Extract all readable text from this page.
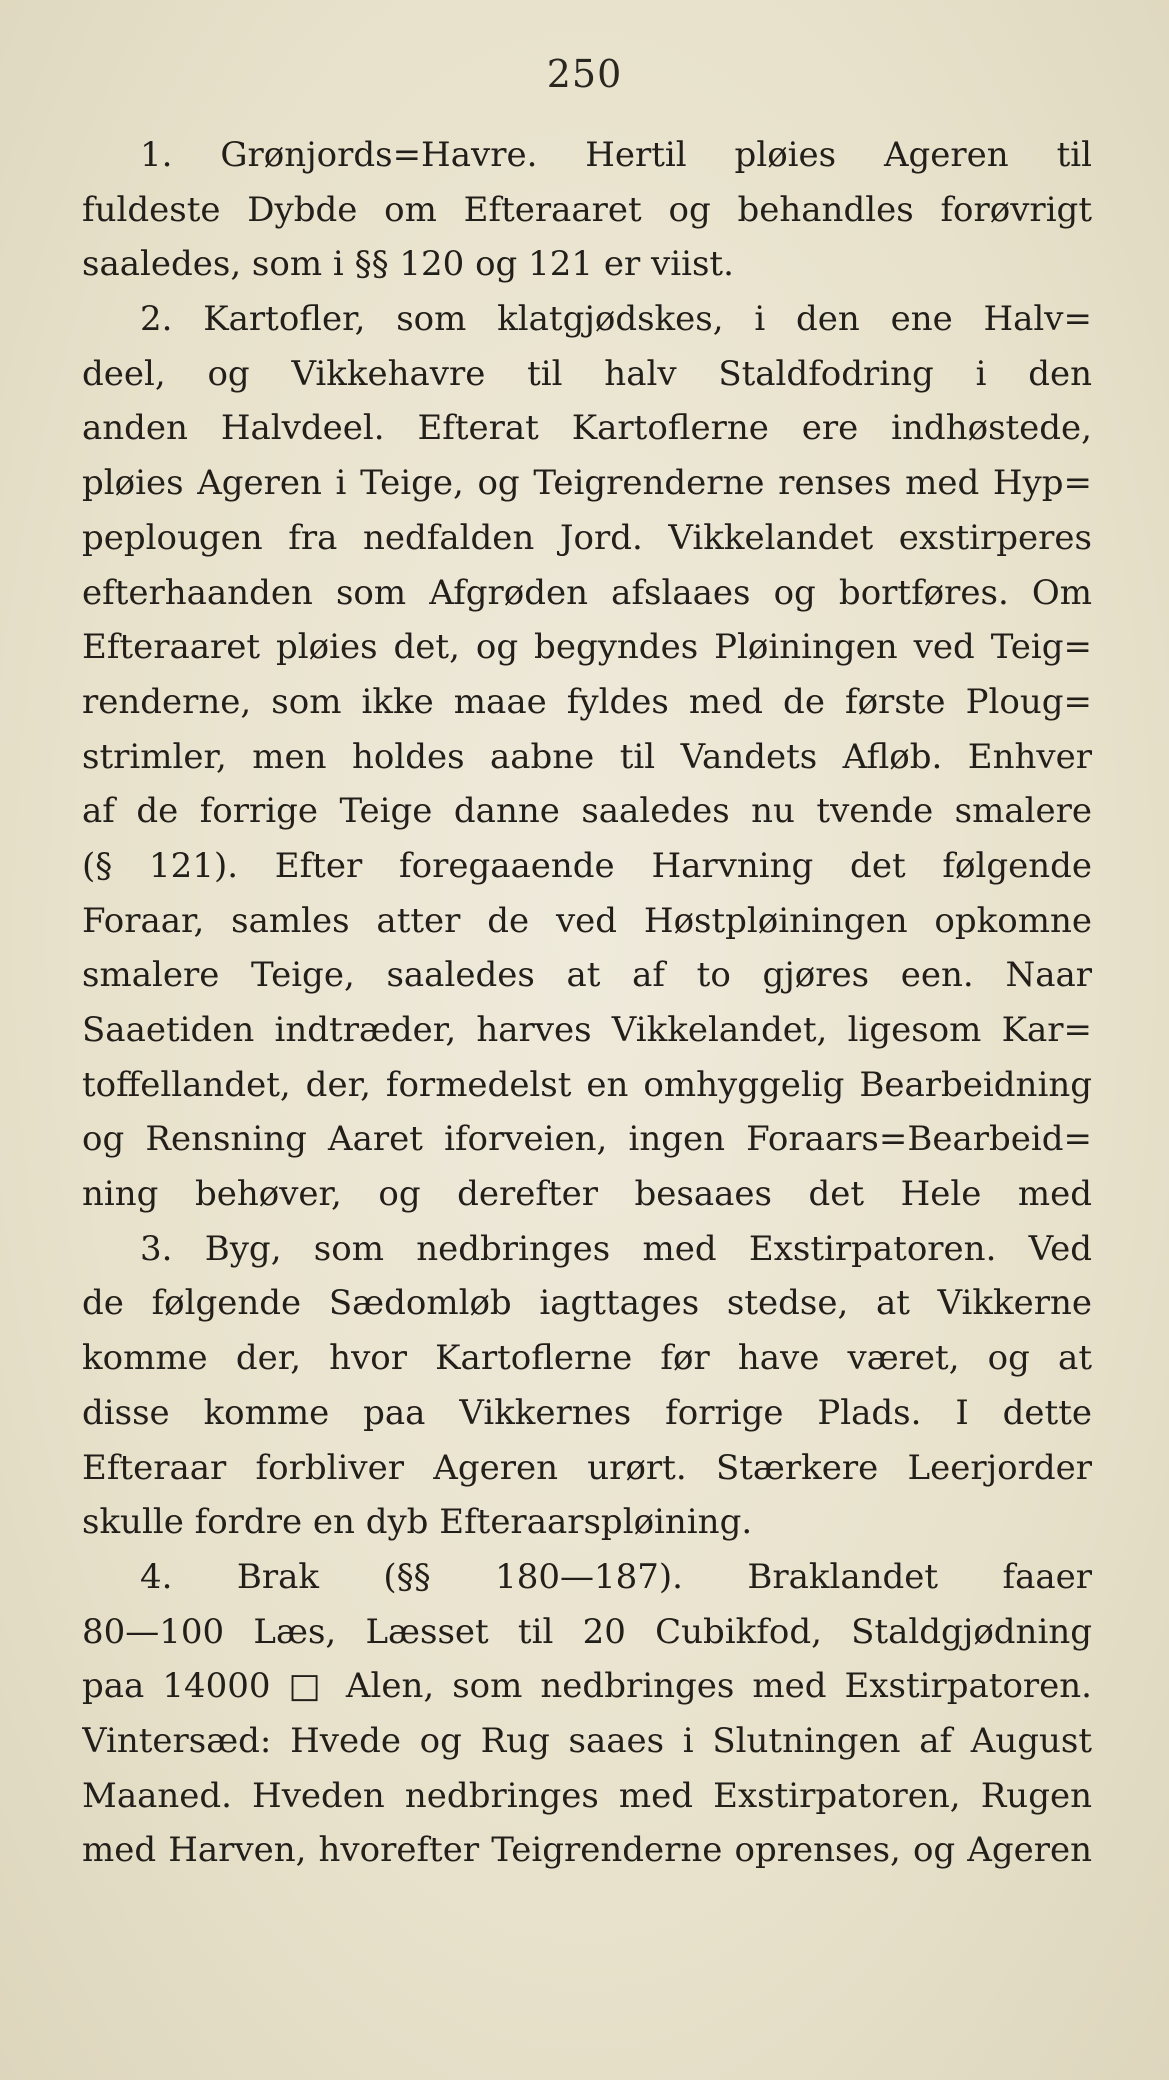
250
1. Grønjords=Havre. Hertil pløies Ageren til
fuldeste Dybde om Efteraaret og behandles forøvrigt
saaledes, som i §§ 120 og 121 er viist.
2. Kartofler, som klatgjødskes, i den ene Halv=
deel, og Vikkehavre til halv Staldfodring i den
anden Halvdeel. Efterat Kartoflerne ere indhøstede,
pløies Ageren i Teige, og Teigrenderne renses med Hyp=
peplougen fra nedfalden Jord. Vikkelandet exstirperes
efterhaanden som Afgrøden afslaaes og bortføres. Om
Efteraaret pløies det, og begyndes Pløiningen ved Teig=
renderne, som ikke maae fyldes med de første Ploug=
strimler, men holdes aabne til Vandets Afløb. Enhver
af de forrige Teige danne saaledes nu tvende smalere
(§ 121). Efter foregaaende Harvning det følgende
Foraar, samles atter de ved Høstpløiningen opkomne
smalere Teige, saaledes at af to gjøres een. Naar
Saaetiden indtræder, harves Vikkelandet, ligesom Kar=
toffellandet, der, formedelst en omhyggelig Bearbeidning
og Rensning Aaret iforveien, ingen Foraars=Bearbeid=
ning behøver, og derefter besaaes det Hele med
3. Byg, som nedbringes med Exstirpatoren. Ved
de følgende Sædomløb iagttages stedse, at Vikkerne
komme der, hvor Kartoflerne før have været, og at
disse komme paa Vikkernes forrige Plads. I dette
Efteraar forbliver Ageren urørt. Stærkere Leerjorder
skulle fordre en dyb Efteraarspløining.
4. Brak (§§ 180—187). Braklandet faaer
80—100 Læs, Læsset til 20 Cubikfod, Staldgjødning
paa 14000 □ Alen, som nedbringes med Exstirpatoren.
Vintersæd: Hvede og Rug saaes i Slutningen af August
Maaned. Hveden nedbringes med Exstirpatoren, Rugen
med Harven, hvorefter Teigrenderne oprenses, og Ageren
